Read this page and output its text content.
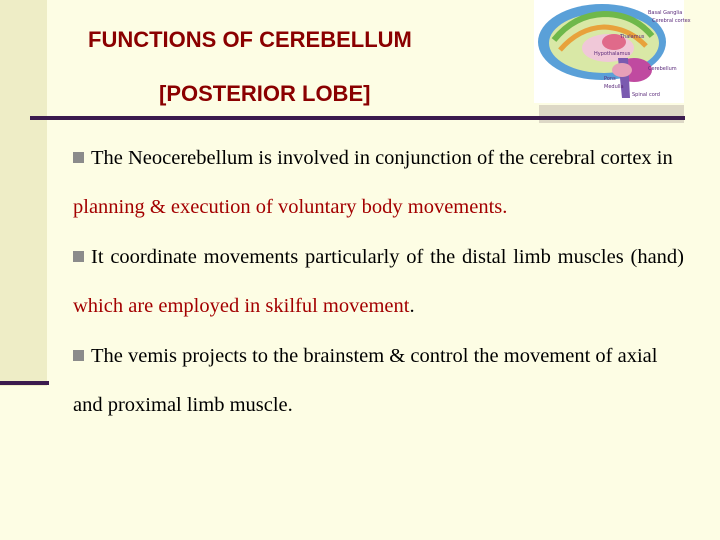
FUNCTIONS OF CEREBELLUM
[POSTERIOR LOBE]
Basal Ganglia
Cerebral cortex
Thalamus
Hypothalamus
Cerebellum
Pons
Medulla
Spinal cord
The Neocerebellum is involved in conjunction of the cerebral cortex in planning & execution of voluntary body movements.
It coordinate movements particularly of the distal limb muscles (hand) which are employed in skilful movement.
The vemis projects to the brainstem & control the movement of axial and proximal limb muscle.
